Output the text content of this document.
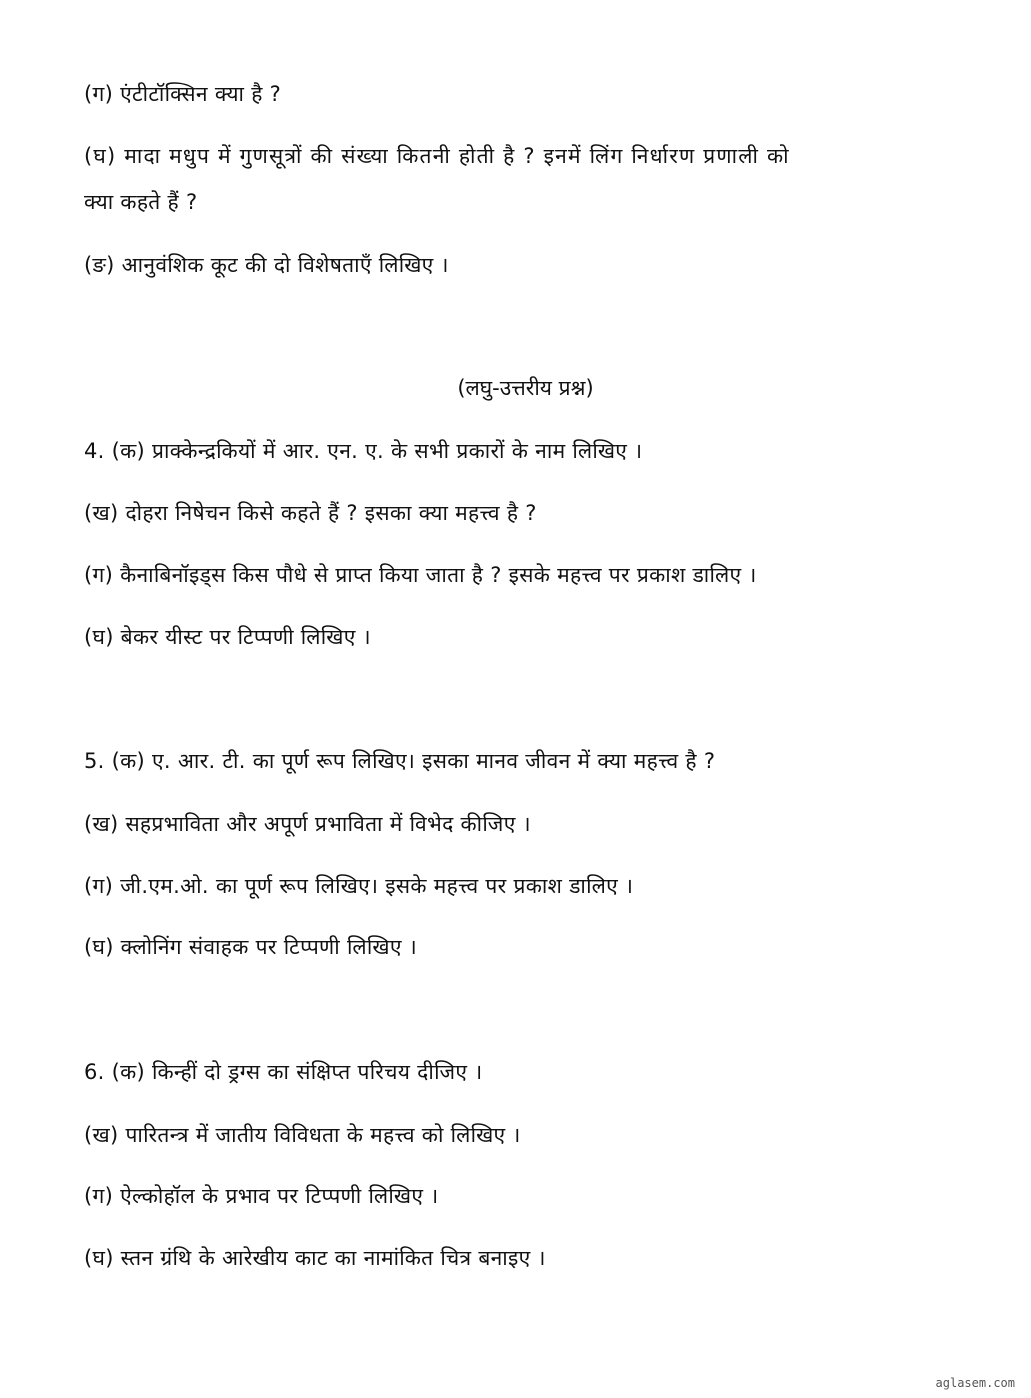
(ग) एंटीटॉक्सिन क्या है ?
(घ) मादा मधुप में गुणसूत्रों की संख्या कितनी होती है ? इनमें लिंग निर्धारण प्रणाली को
क्या कहते हैं ?
(ङ) आनुवंशिक कूट की दो विशेषताएँ लिखिए ।
(लघु-उत्तरीय प्रश्न)
4. (क) प्राक्केन्द्रकियों में आर. एन. ए. के सभी प्रकारों के नाम लिखिए ।
(ख) दोहरा निषेचन किसे कहते हैं ? इसका क्या महत्त्व है ?
(ग) कैनाबिनॉइड्स किस पौधे से प्राप्त किया जाता है ? इसके महत्त्व पर प्रकाश डालिए ।
(घ) बेकर यीस्ट पर टिप्पणी लिखिए ।
5. (क) ए. आर. टी. का पूर्ण रूप लिखिए। इसका मानव जीवन में क्या महत्त्व है ?
(ख) सहप्रभाविता और अपूर्ण प्रभाविता में विभेद कीजिए ।
(ग) जी.एम.ओ. का पूर्ण रूप लिखिए। इसके महत्त्व पर प्रकाश डालिए ।
(घ) क्लोनिंग संवाहक पर टिप्पणी लिखिए ।
6. (क) किन्हीं दो ड्रग्स का संक्षिप्त परिचय दीजिए ।
(ख) पारितन्त्र में जातीय विविधता के महत्त्व को लिखिए ।
(ग) ऐल्कोहॉल के प्रभाव पर टिप्पणी लिखिए ।
(घ) स्तन ग्रंथि के आरेखीय काट का नामांकित चित्र बनाइए ।
aglasem.com
